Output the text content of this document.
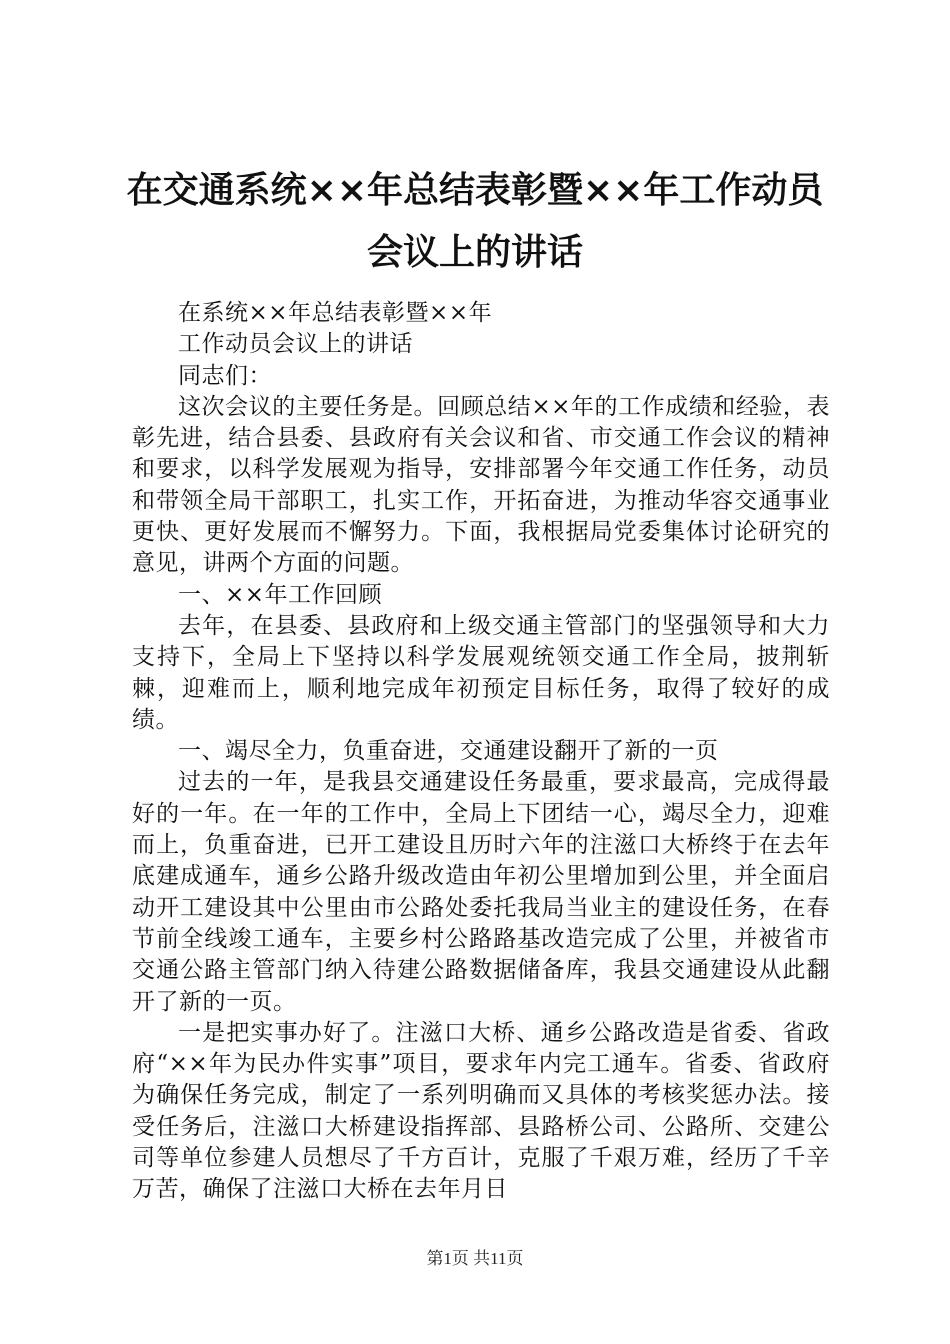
在交通系统××年总结表彰暨××年工作动员会议上的讲话

在系统××年总结表彰暨××年

工作动员会议上的讲话

同志们：

这次会议的主要任务是。回顾总结××年的工作成绩和经验，表彰先进，结合县委、县政府有关会议和省、市交通工作会议的精神和要求，以科学发展观为指导，安排部署今年交通工作任务，动员和带领全局干部职工，扎实工作，开拓奋进，为推动华容交通事业更快、更好发展而不懈努力。下面，我根据局党委集体讨论研究的意见，讲两个方面的问题。

一、××年工作回顾

去年，在县委、县政府和上级交通主管部门的坚强领导和大力支持下，全局上下坚持以科学发展观统领交通工作全局，披荆斩棘，迎难而上，顺利地完成年初预定目标任务，取得了较好的成绩。

一、竭尽全力，负重奋进，交通建设翻开了新的一页

过去的一年，是我县交通建设任务最重，要求最高，完成得最好的一年。在一年的工作中，全局上下团结一心，竭尽全力，迎难而上，负重奋进，已开工建设且历时六年的注滋口大桥终于在去年底建成通车，通乡公路升级改造由年初公里增加到公里，并全面启动开工建设其中公里由市公路处委托我局当业主的建设任务，在春节前全线竣工通车，主要乡村公路路基改造完成了公里，并被省市交通公路主管部门纳入待建公路数据储备库，我县交通建设从此翻开了新的一页。

一是把实事办好了。注滋口大桥、通乡公路改造是省委、省政府“××年为民办件实事”项目，要求年内完工通车。省委、省政府为确保任务完成，制定了一系列明确而又具体的考核奖惩办法。接受任务后，注滋口大桥建设指挥部、县路桥公司、公路所、交建公司等单位参建人员想尽了千方百计，克服了千艰万难，经历了千辛万苦，确保了注滋口大桥在去年月日

第1页 共11页
